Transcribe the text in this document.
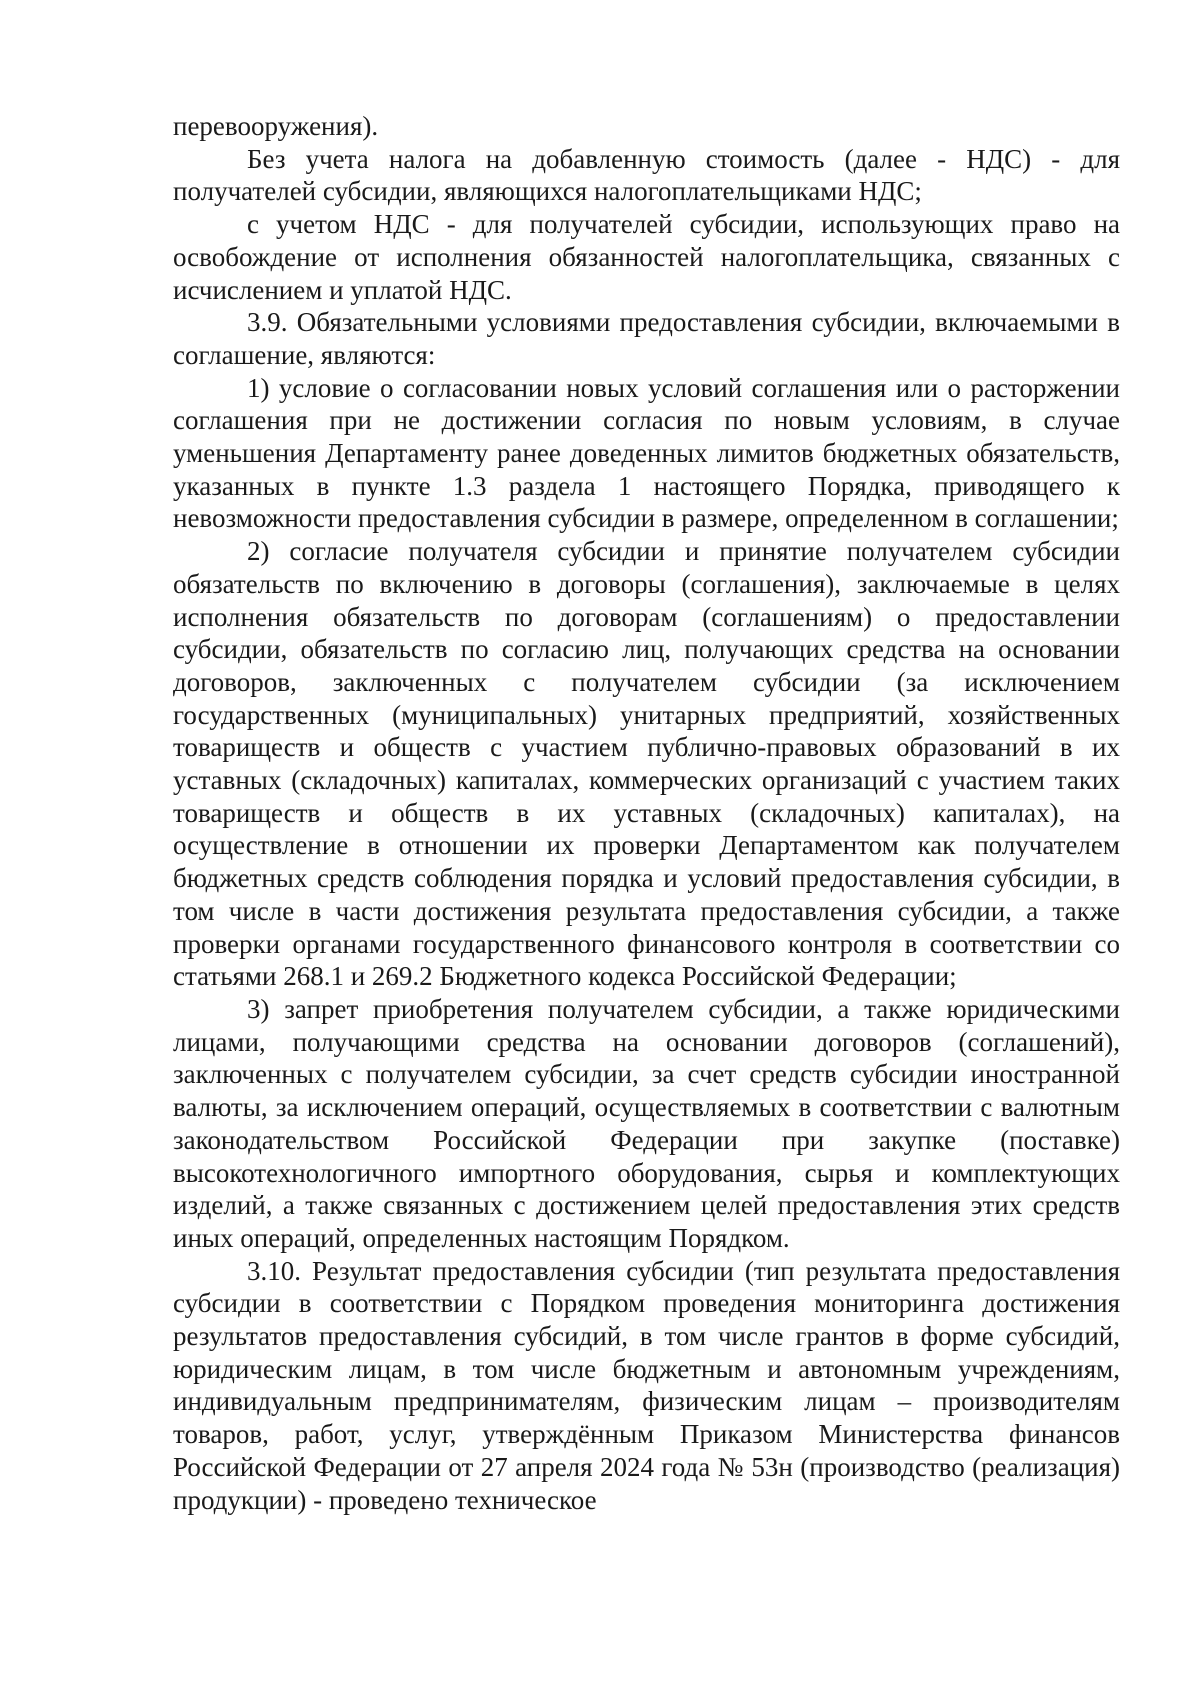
перевооружения).

Без учета налога на добавленную стоимость (далее - НДС) - для получателей субсидии, являющихся налогоплательщиками НДС;

с учетом НДС - для получателей субсидии, использующих право на освобождение от исполнения обязанностей налогоплательщика, связанных с исчислением и уплатой НДС.

3.9. Обязательными условиями предоставления субсидии, включаемыми в соглашение, являются:

1) условие о согласовании новых условий соглашения или о расторжении соглашения при не достижении согласия по новым условиям, в случае уменьшения Департаменту ранее доведенных лимитов бюджетных обязательств, указанных в пункте 1.3 раздела 1 настоящего Порядка, приводящего к невозможности предоставления субсидии в размере, определенном в соглашении;

2) согласие получателя субсидии и принятие получателем субсидии обязательств по включению в договоры (соглашения), заключаемые в целях исполнения обязательств по договорам (соглашениям) о предоставлении субсидии, обязательств по согласию лиц, получающих средства на основании договоров, заключенных с получателем субсидии (за исключением государственных (муниципальных) унитарных предприятий, хозяйственных товариществ и обществ с участием публично-правовых образований в их уставных (складочных) капиталах, коммерческих организаций с участием таких товариществ и обществ в их уставных (складочных) капиталах), на осуществление в отношении их проверки Департаментом как получателем бюджетных средств соблюдения порядка и условий предоставления субсидии, в том числе в части достижения результата предоставления субсидии, а также проверки органами государственного финансового контроля в соответствии со статьями 268.1 и 269.2 Бюджетного кодекса Российской Федерации;

3) запрет приобретения получателем субсидии, а также юридическими лицами, получающими средства на основании договоров (соглашений), заключенных с получателем субсидии, за счет средств субсидии иностранной валюты, за исключением операций, осуществляемых в соответствии с валютным законодательством Российской Федерации при закупке (поставке) высокотехнологичного импортного оборудования, сырья и комплектующих изделий, а также связанных с достижением целей предоставления этих средств иных операций, определенных настоящим Порядком.

3.10. Результат предоставления субсидии (тип результата предоставления субсидии в соответствии с Порядком проведения мониторинга достижения результатов предоставления субсидий, в том числе грантов в форме субсидий, юридическим лицам, в том числе бюджетным и автономным учреждениям, индивидуальным предпринимателям, физическим лицам – производителям товаров, работ, услуг, утверждённым Приказом Министерства финансов Российской Федерации от 27 апреля 2024 года № 53н (производство (реализация) продукции) - проведено техническое
